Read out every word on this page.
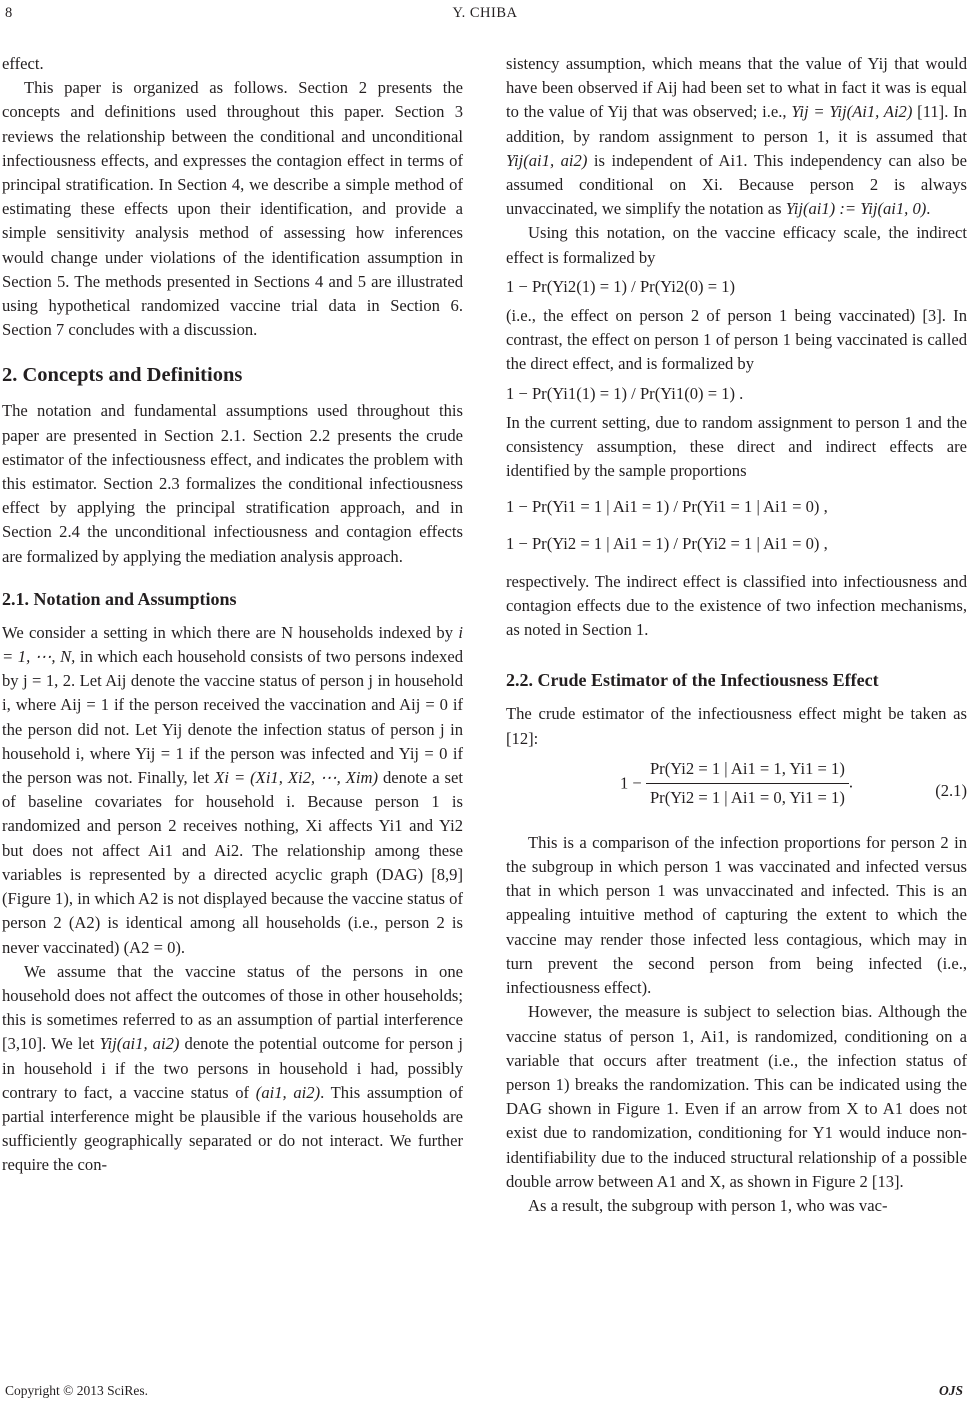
8	Y. CHIBA

effect.

This paper is organized as follows. Section 2 presents the concepts and definitions used throughout this paper. Section 3 reviews the relationship between the conditional and unconditional infectiousness effects, and expresses the contagion effect in terms of principal stratification. In Section 4, we describe a simple method of estimating these effects upon their identification, and provide a simple sensitivity analysis method of assessing how inferences would change under violations of the identification assumption in Section 5. The methods presented in Sections 4 and 5 are illustrated using hypothetical randomized vaccine trial data in Section 6. Section 7 concludes with a discussion.

2. Concepts and Definitions

The notation and fundamental assumptions used throughout this paper are presented in Section 2.1. Section 2.2 presents the crude estimator of the infectiousness effect, and indicates the problem with this estimator. Section 2.3 formalizes the conditional infectiousness effect by applying the principal stratification approach, and in Section 2.4 the unconditional infectiousness and contagion effects are formalized by applying the mediation analysis approach.

2.1. Notation and Assumptions

We consider a setting in which there are N households indexed by i = 1, ⋯, N, in which each household consists of two persons indexed by j = 1, 2. Let Aij denote the vaccine status of person j in household i, where Aij = 1 if the person received the vaccination and Aij = 0 if the person did not. Let Yij denote the infection status of person j in household i, where Yij = 1 if the person was infected and Yij = 0 if the person was not. Finally, let Xi = (Xi1, Xi2, ⋯, Xim) denote a set of baseline covariates for household i. Because person 1 is randomized and person 2 receives nothing, Xi affects Yi1 and Yi2 but does not affect Ai1 and Ai2. The relationship among these variables is represented by a directed acyclic graph (DAG) [8,9] (Figure 1), in which A2 is not displayed because the vaccine status of person 2 (A2) is identical among all households (i.e., person 2 is never vaccinated) (A2 = 0).

We assume that the vaccine status of the persons in one household does not affect the outcomes of those in other households; this is sometimes referred to as an assumption of partial interference [3,10]. We let Yij(ai1, ai2) denote the potential outcome for person j in household i if the two persons in household i had, possibly contrary to fact, a vaccine status of (ai1, ai2). This assumption of partial interference might be plausible if the various households are sufficiently geographically separated or do not interact. We further require the con-

sistency assumption, which means that the value of Yij that would have been observed if Aij had been set to what in fact it was is equal to the value of Yij that was observed; i.e., Yij = Yij(Ai1, Ai2) [11]. In addition, by random assignment to person 1, it is assumed that Yij(ai1, ai2) is independent of Ai1. This independency can also be assumed conditional on Xi. Because person 2 is always unvaccinated, we simplify the notation as Yij(ai1) := Yij(ai1, 0).

Using this notation, on the vaccine efficacy scale, the indirect effect is formalized by

1 − Pr(Yi2(1) = 1) / Pr(Yi2(0) = 1)

(i.e., the effect on person 2 of person 1 being vaccinated) [3]. In contrast, the effect on person 1 of person 1 being vaccinated is called the direct effect, and is formalized by

1 − Pr(Yi1(1) = 1) / Pr(Yi1(0) = 1) .

In the current setting, due to random assignment to person 1 and the consistency assumption, these direct and indirect effects are identified by the sample proportions

1 − Pr(Yi1 = 1 | Ai1 = 1) / Pr(Yi1 = 1 | Ai1 = 0) ,

1 − Pr(Yi2 = 1 | Ai1 = 1) / Pr(Yi2 = 1 | Ai1 = 0) ,

respectively. The indirect effect is classified into infectiousness and contagion effects due to the existence of two infection mechanisms, as noted in Section 1.

2.2. Crude Estimator of the Infectiousness Effect

The crude estimator of the infectiousness effect might be taken as [12]:

$1 - \frac{Pr(Yi2 = 1 | Ai1 = 1, Yi1 = 1)}{Pr(Yi2 = 1 | Ai1 = 0, Yi1 = 1)}$ .	(2.1)

This is a comparison of the infection proportions for person 2 in the subgroup in which person 1 was vaccinated and infected versus that in which person 1 was unvaccinated and infected. This is an appealing intuitive method of capturing the extent to which the vaccine may render those infected less contagious, which may in turn prevent the second person from being infected (i.e., infectiousness effect).

However, the measure is subject to selection bias. Although the vaccine status of person 1, Ai1, is randomized, conditioning on a variable that occurs after treatment (i.e., the infection status of person 1) breaks the randomization. This can be indicated using the DAG shown in Figure 1. Even if an arrow from X to A1 does not exist due to randomization, conditioning for Y1 would induce non-identifiability due to the induced structural relationship of a possible double arrow between A1 and X, as shown in Figure 2 [13].

As a result, the subgroup with person 1, who was vac-

Copyright © 2013 SciRes.	OJS
